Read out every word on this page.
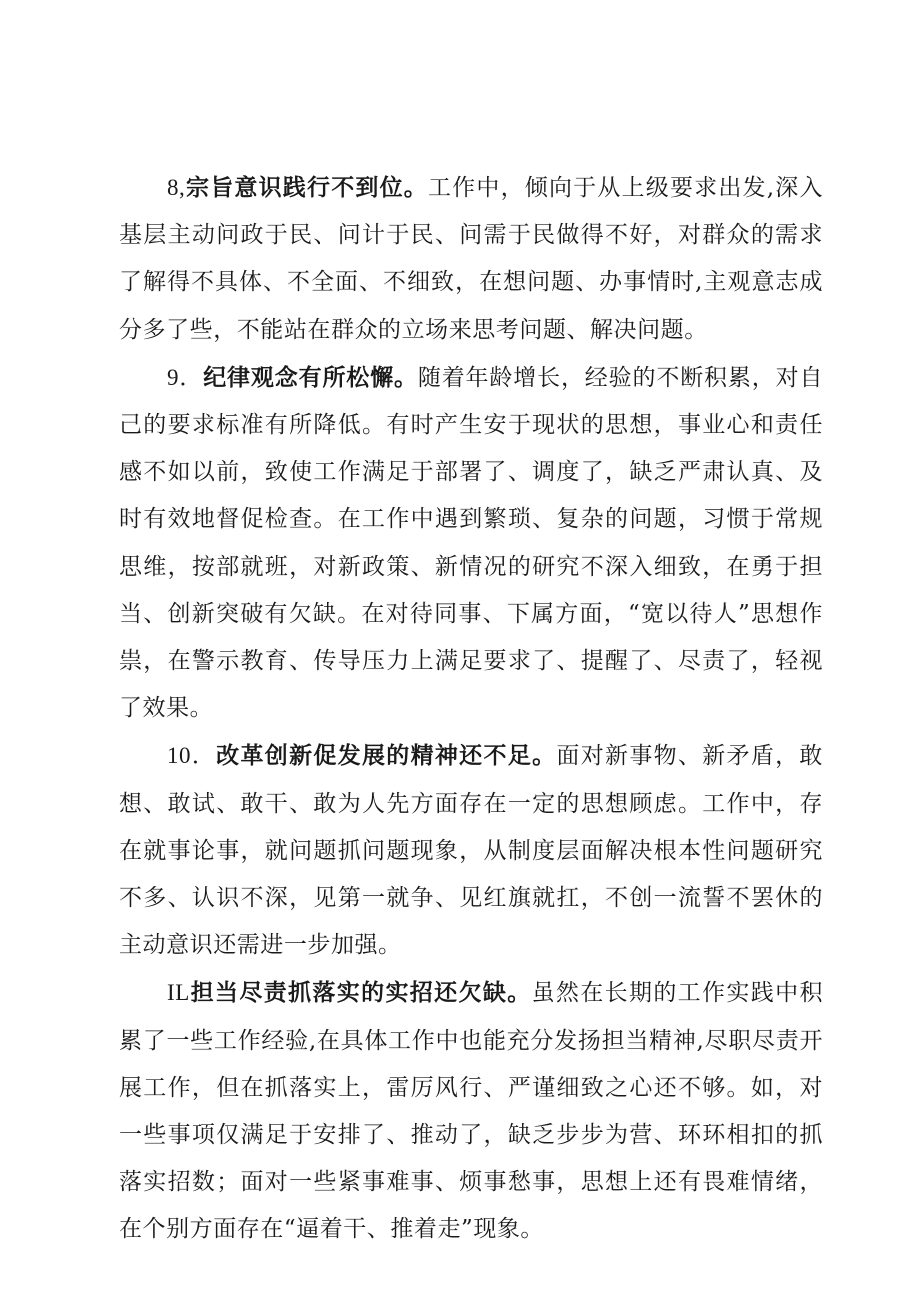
8,宗旨意识践行不到位。工作中，倾向于从上级要求出发,深入基层主动问政于民、问计于民、问需于民做得不好，对群众的需求了解得不具体、不全面、不细致，在想问题、办事情时,主观意志成分多了些，不能站在群众的立场来思考问题、解决问题。

9．纪律观念有所松懈。随着年龄增长，经验的不断积累，对自己的要求标准有所降低。有时产生安于现状的思想，事业心和责任感不如以前，致使工作满足于部署了、调度了，缺乏严肃认真、及时有效地督促检查。在工作中遇到繁琐、复杂的问题，习惯于常规思维，按部就班，对新政策、新情况的研究不深入细致，在勇于担当、创新突破有欠缺。在对待同事、下属方面，“宽以待人”思想作祟，在警示教育、传导压力上满足要求了、提醒了、尽责了，轻视了效果。

10．改革创新促发展的精神还不足。面对新事物、新矛盾，敢想、敢试、敢干、敢为人先方面存在一定的思想顾虑。工作中，存在就事论事，就问题抓问题现象，从制度层面解决根本性问题研究不多、认识不深，见第一就争、见红旗就扛，不创一流誓不罢休的主动意识还需进一步加强。

IL担当尽责抓落实的实招还欠缺。虽然在长期的工作实践中积累了一些工作经验,在具体工作中也能充分发扬担当精神,尽职尽责开展工作，但在抓落实上，雷厉风行、严谨细致之心还不够。如，对一些事项仅满足于安排了、推动了，缺乏步步为营、环环相扣的抓落实招数；面对一些紧事难事、烦事愁事，思想上还有畏难情绪，在个别方面存在“逼着干、推着走”现象。
